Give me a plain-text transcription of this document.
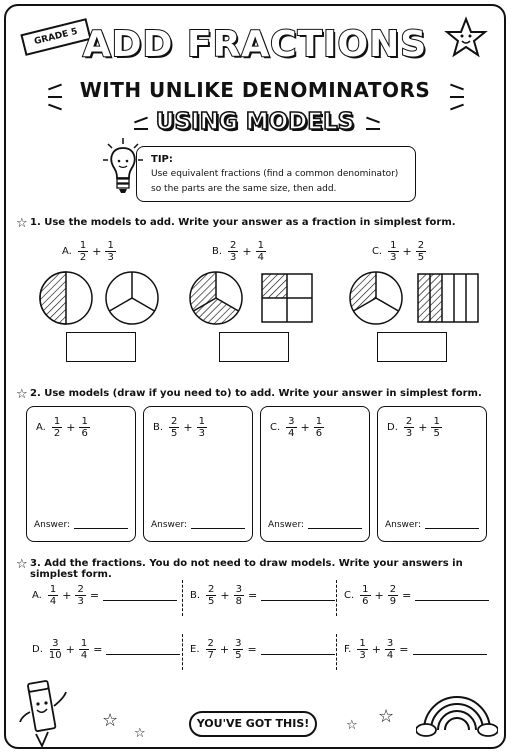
GRADE 5 ADD FRACTIONS
WITH UNLIKE DENOMINATORS
USING MODELS
TIP:
Use equivalent fractions (find a common denominator)
so the parts are the same size, then add.
☆ 1. Use the models to add. Write your answer as a fraction in simplest form.
A. $\frac{1}{2} + \frac{1}{3}$	B. $\frac{2}{3} + \frac{1}{4}$	C. $\frac{1}{3} + \frac{2}{5}$
☆ 2. Use models (draw if you need to) to add. Write your answer in simplest form.
A. $\frac{1}{2} + \frac{1}{6}$
Answer:
B. $\frac{2}{5} + \frac{1}{3}$
Answer:
C. $\frac{3}{4} + \frac{1}{6}$
Answer:
D. $\frac{2}{3} + \frac{1}{5}$
Answer:
☆ 3. Add the fractions. You do not need to draw models. Write your answers in simplest form.
A. $\frac{1}{4} + \frac{2}{3}$ =	B. $\frac{2}{5} + \frac{3}{8}$ =	C. $\frac{1}{6} + \frac{2}{9}$ =
D. $\frac{3}{10} + \frac{1}{4}$ =	E. $\frac{2}{7} + \frac{3}{5}$ =	F. $\frac{1}{3} + \frac{3}{4}$ =
☆
☆
☆ ☆
YOU'VE GOT THIS!
